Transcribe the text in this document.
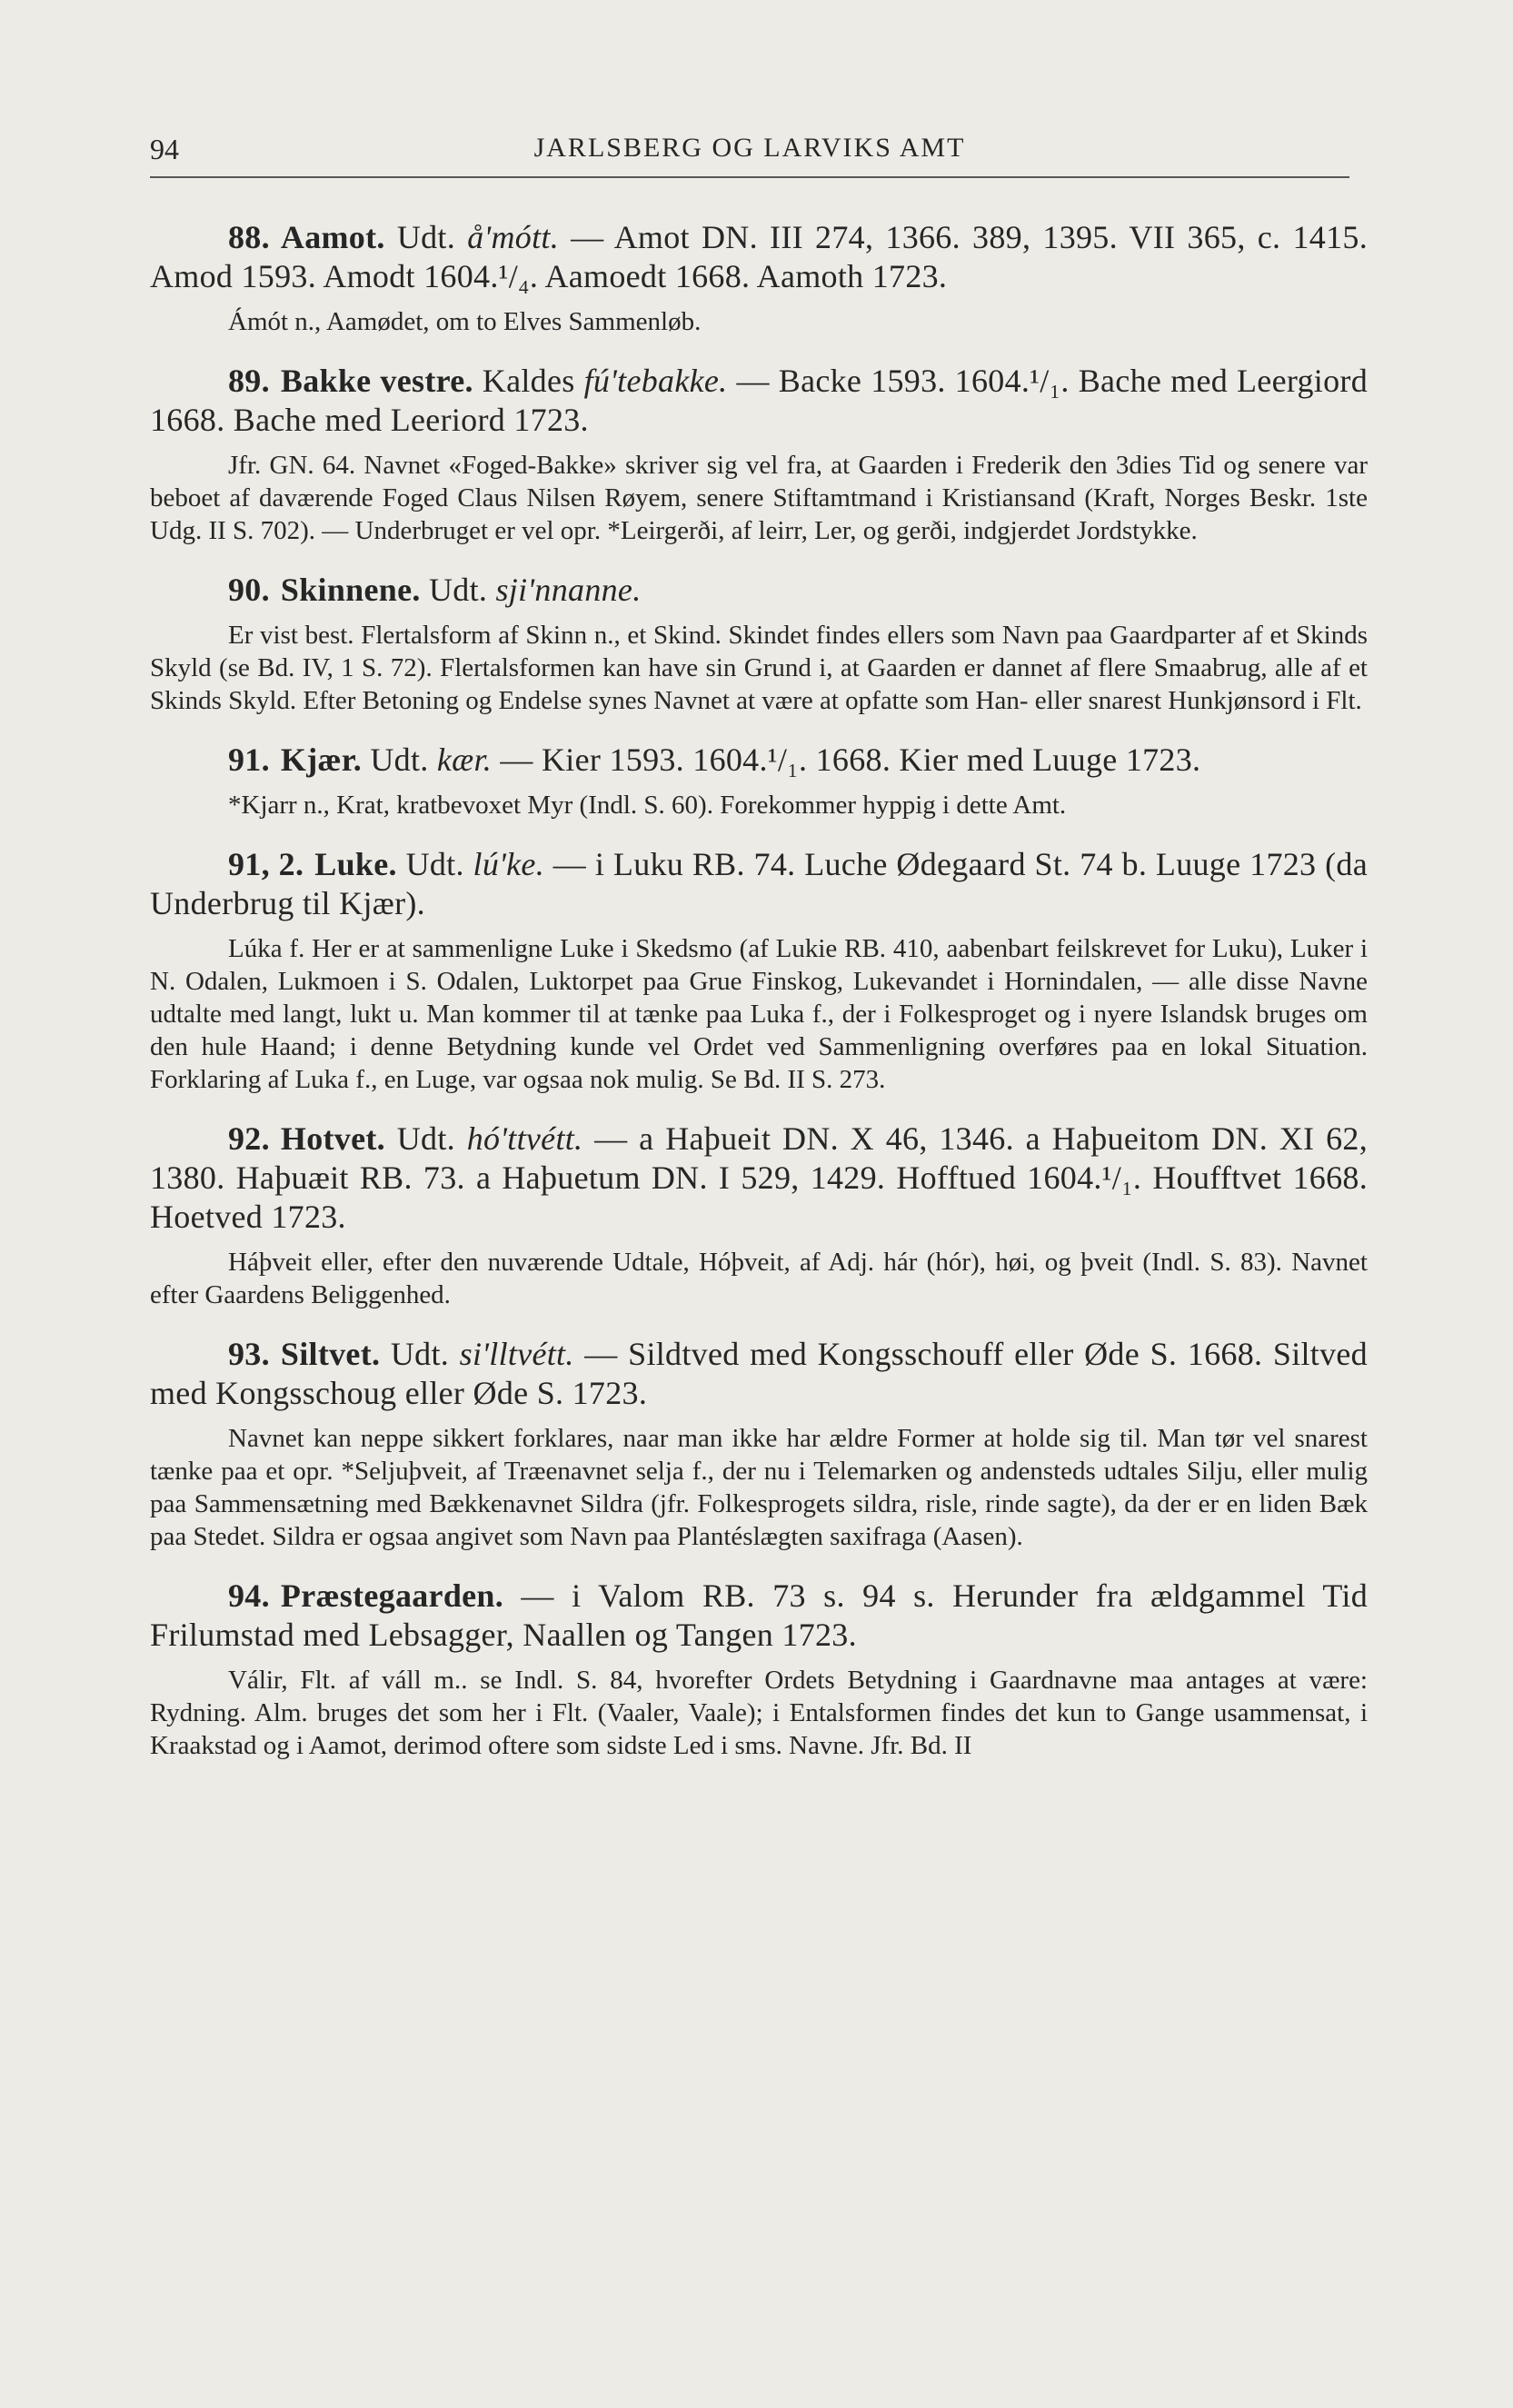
94	JARLSBERG OG LARVIKS AMT

88. Aamot. Udt. å'mótt. — Amot DN. III 274, 1366. 389, 1395. VII 365, c. 1415. Amod 1593. Amodt 1604.¹/₄. Aamoedt 1668. Aamoth 1723.

Ámót n., Aamødet, om to Elves Sammenløb.

89. Bakke vestre. Kaldes fú'tebakke. — Backe 1593. 1604.¹/₁. Bache med Leergiord 1668. Bache med Leeriord 1723.

Jfr. GN. 64. Navnet «Foged-Bakke» skriver sig vel fra, at Gaarden i Frederik den 3dies Tid og senere var beboet af daværende Foged Claus Nilsen Røyem, senere Stiftamtmand i Kristiansand (Kraft, Norges Beskr. 1ste Udg. II S. 702). — Underbruget er vel opr. *Leirgerði, af leirr, Ler, og gerði, indgjerdet Jordstykke.

90. Skinnene. Udt. sji'nnanne.

Er vist best. Flertalsform af Skinn n., et Skind. Skindet findes ellers som Navn paa Gaardparter af et Skinds Skyld (se Bd. IV, 1 S. 72). Flertalsformen kan have sin Grund i, at Gaarden er dannet af flere Smaabrug, alle af et Skinds Skyld. Efter Betoning og Endelse synes Navnet at være at opfatte som Han- eller snarest Hunkjønsord i Flt.

91. Kjær. Udt. kær. — Kier 1593. 1604.¹/₁. 1668. Kier med Luuge 1723.

*Kjarr n., Krat, kratbevoxet Myr (Indl. S. 60). Forekommer hyppig i dette Amt.

91, 2. Luke. Udt. lú'ke. — i Luku RB. 74. Luche Ødegaard St. 74 b. Luuge 1723 (da Underbrug til Kjær).

Lúka f. Her er at sammenligne Luke i Skedsmo (af Lukie RB. 410, aabenbart feilskrevet for Luku), Luker i N. Odalen, Lukmoen i S. Odalen, Luktorpet paa Grue Finskog, Lukevandet i Hornindalen, — alle disse Navne udtalte med langt, lukt u. Man kommer til at tænke paa Luka f., der i Folkesproget og i nyere Islandsk bruges om den hule Haand; i denne Betydning kunde vel Ordet ved Sammenligning overføres paa en lokal Situation. Forklaring af Luka f., en Luge, var ogsaa nok mulig. Se Bd. II S. 273.

92. Hotvet. Udt. hó'ttvétt. — a Haþueit DN. X 46, 1346. a Haþueitom DN. XI 62, 1380. Haþuæit RB. 73. a Haþuetum DN. I 529, 1429. Hofftued 1604.¹/₁. Houfftvet 1668. Hoetved 1723.

Háþveit eller, efter den nuværende Udtale, Hóþveit, af Adj. hár (hór), høi, og þveit (Indl. S. 83). Navnet efter Gaardens Beliggenhed.

93. Siltvet. Udt. si'lltvétt. — Sildtved med Kongsschouff eller Øde S. 1668. Siltved med Kongsschoug eller Øde S. 1723.

Navnet kan neppe sikkert forklares, naar man ikke har ældre Former at holde sig til. Man tør vel snarest tænke paa et opr. *Seljuþveit, af Træenavnet selja f., der nu i Telemarken og andensteds udtales Silju, eller mulig paa Sammensætning med Bækkenavnet Sildra (jfr. Folkesprogets sildra, risle, rinde sagte), da der er en liden Bæk paa Stedet. Sildra er ogsaa angivet som Navn paa Plantéslægten saxifraga (Aasen).

94. Præstegaarden. — i Valom RB. 73 s. 94 s. Herunder fra ældgammel Tid Frilumstad med Lebsagger, Naallen og Tangen 1723.

Válir, Flt. af váll m.. se Indl. S. 84, hvorefter Ordets Betydning i Gaardnavne maa antages at være: Rydning. Alm. bruges det som her i Flt. (Vaaler, Vaale); i Entalsformen findes det kun to Gange usammensat, i Kraakstad og i Aamot, derimod oftere som sidste Led i sms. Navne. Jfr. Bd. II
